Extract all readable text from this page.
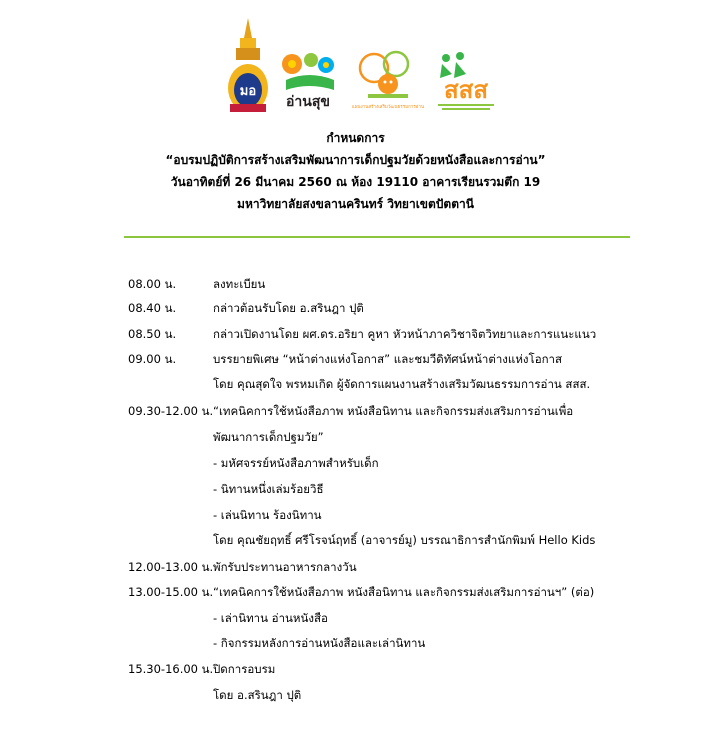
มอ
อ่านสุข	แผนงานสร้างเสริมวัฒนธรรมการอ่าน
สสส
กำหนดการ
“อบรมปฏิบัติการสร้างเสริมพัฒนาการเด็กปฐมวัยด้วยหนังสือและการอ่าน”
วันอาทิตย์ที่ 26 มีนาคม 2560 ณ ห้อง 19110 อาคารเรียนรวมตึก 19
มหาวิทยาลัยสงขลานครินทร์ วิทยาเขตปัตตานี
08.00 น.	ลงทะเบียน
08.40 น.	กล่าวต้อนรับโดย อ.สรินฎา ปุติ
08.50 น.	กล่าวเปิดงานโดย ผศ.ดร.อริยา คูหา หัวหน้าภาควิชาจิตวิทยาและการแนะแนว
09.00 น.	บรรยายพิเศษ “หน้าต่างแห่งโอกาส” และชมวีดิทัศน์หน้าต่างแห่งโอกาส
โดย คุณสุดใจ พรหมเกิด ผู้จัดการแผนงานสร้างเสริมวัฒนธรรมการอ่าน สสส.
09.30-12.00 น. “เทคนิคการใช้หนังสือภาพ หนังสือนิทาน และกิจกรรมส่งเสริมการอ่านเพื่อ
พัฒนาการเด็กปฐมวัย”
- มหัศจรรย์หนังสือภาพสำหรับเด็ก
- นิทานหนึ่งเล่มร้อยวิธี
- เล่นนิทาน ร้องนิทาน
โดย คุณชัยฤทธิ์ ศรีโรจน์ฤทธิ์ (อาจารย์มู) บรรณาธิการสำนักพิมพ์ Hello Kids
12.00-13.00 น. พักรับประทานอาหารกลางวัน
13.00-15.00 น. “เทคนิคการใช้หนังสือภาพ หนังสือนิทาน และกิจกรรมส่งเสริมการอ่านฯ” (ต่อ)
- เล่านิทาน อ่านหนังสือ
- กิจกรรมหลังการอ่านหนังสือและเล่านิทาน
15.30-16.00 น. ปิดการอบรม
โดย อ.สรินฎา ปุติ
